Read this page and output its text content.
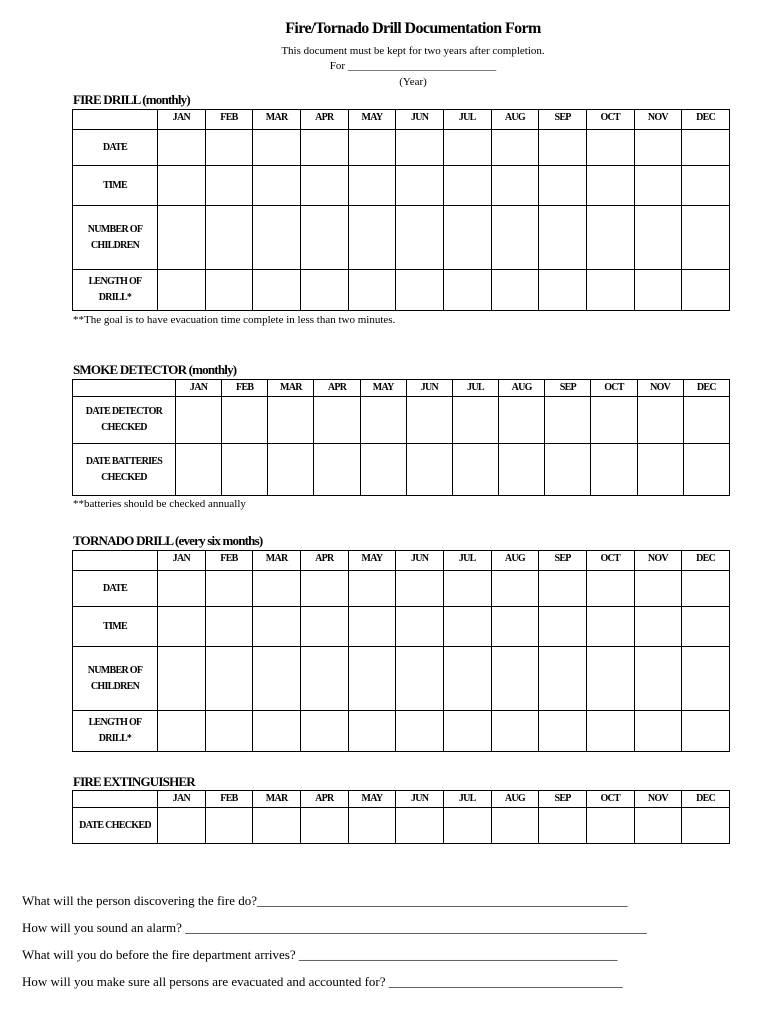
Fire/Tornado Drill Documentation Form
This document must be kept for two years after completion.
For ___________________________
(Year)
FIRE DRILL (monthly)
	JAN	FEB	MAR	APR	MAY	JUN	JUL	AUG	SEP	OCT	NOV	DEC
DATE												
TIME												
NUMBER OF CHILDREN												
LENGTH OF DRILL*												
**The goal is to have evacuation time complete in less than two minutes.
SMOKE DETECTOR (monthly)
	JAN	FEB	MAR	APR	MAY	JUN	JUL	AUG	SEP	OCT	NOV	DEC
DATE DETECTOR CHECKED												
DATE BATTERIES CHECKED												
**batteries should be checked annually
TORNADO DRILL (every six months)
	JAN	FEB	MAR	APR	MAY	JUN	JUL	AUG	SEP	OCT	NOV	DEC
DATE												
TIME												
NUMBER OF CHILDREN												
LENGTH OF DRILL*												
FIRE EXTINGUISHER
	JAN	FEB	MAR	APR	MAY	JUN	JUL	AUG	SEP	OCT	NOV	DEC
DATE CHECKED												
What will the person discovering the fire do?_________________________________________________________
How will you sound an alarm? _______________________________________________________________________
What will you do before the fire department arrives? _________________________________________________
How will you make sure all persons are evacuated and accounted for? ____________________________________
